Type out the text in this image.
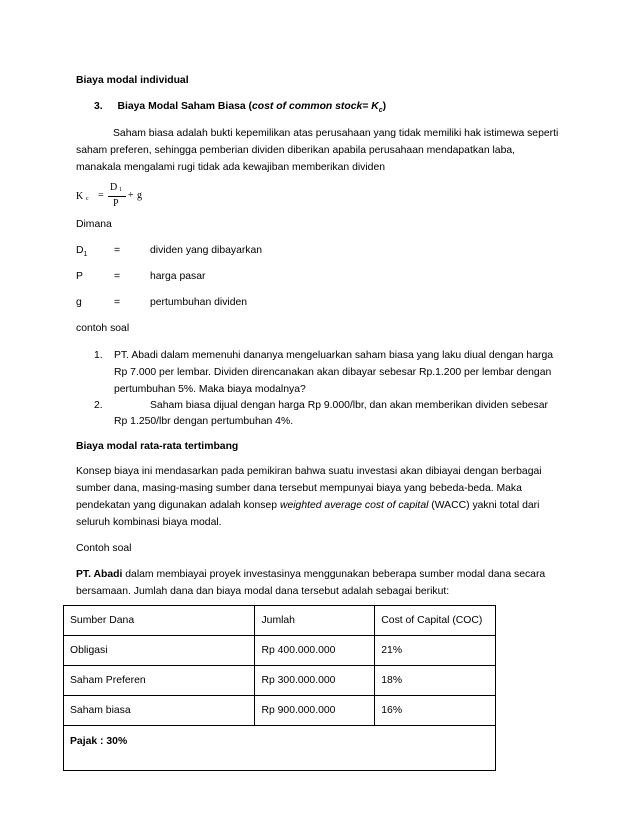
Biaya modal individual
3. Biaya Modal Saham Biasa (cost of common stock= $K_c$)
Saham biasa adalah bukti kepemilikan atas perusahaan yang tidak memiliki hak istimewa seperti
saham preferen, sehingga pemberian dividen diberikan apabila perusahaan mendapatkan laba,
manakala mengalami rugi tidak ada kewajiban memberikan dividen
K c =
D 1
P
+ g
Dimana
$D_1$	=	dividen yang dibayarkan
P	=	harga pasar
g	=	pertumbuhan dividen
contoh soal
1. PT. Abadi dalam memenuhi dananya mengeluarkan saham biasa yang laku diual dengan harga
Rp 7.000 per lembar. Dividen direncanakan akan dibayar sebesar Rp.1.200 per lembar dengan
pertumbuhan 5%. Maka biaya modalnya?
2.	Saham biasa dijual dengan harga Rp 9.000/lbr, dan akan memberikan dividen sebesar
Rp 1.250/lbr dengan pertumbuhan 4%.
Biaya modal rata-rata tertimbang
Konsep biaya ini mendasarkan pada pemikiran bahwa suatu investasi akan dibiayai dengan berbagai
sumber dana, masing-masing sumber dana tersebut mempunyai biaya yang bebeda-beda. Maka
pendekatan yang digunakan adalah konsep weighted average cost of capital (WACC) yakni total dari
seluruh kombinasi biaya modal.
Contoh soal
PT. Abadi dalam membiayai proyek investasinya menggunakan beberapa sumber modal dana secara
bersamaan. Jumlah dana dan biaya modal dana tersebut adalah sebagai berikut:
Sumber Dana	Jumlah	Cost of Capital (COC)
Obligasi	Rp 400.000.000	21%
Saham Preferen	Rp 300.000.000	18%
Saham biasa	Rp 900.000.000	16%
Pajak : 30%		
